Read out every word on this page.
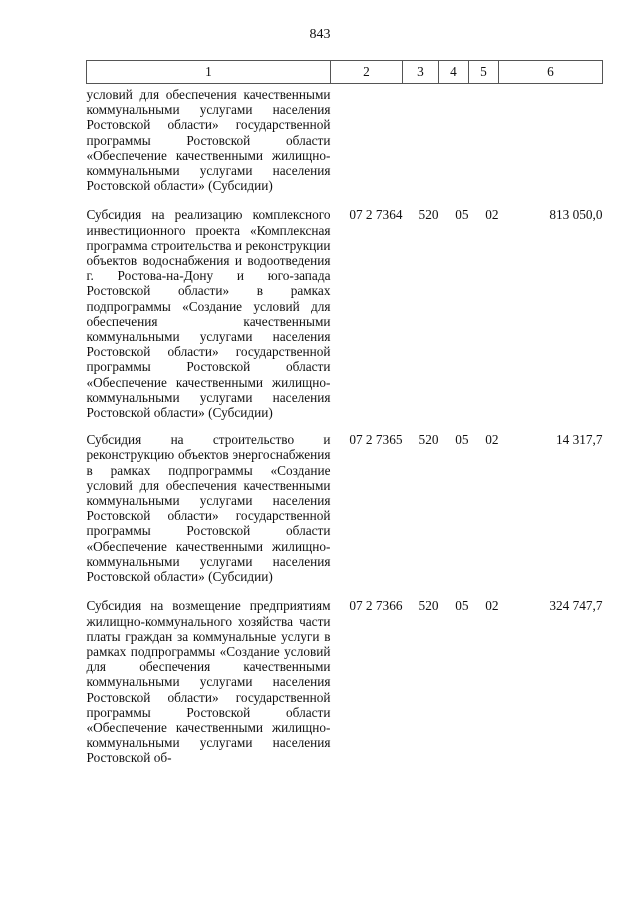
843
1	2	3	4	5	6
условий для обеспечения качественными коммунальными услугами населения Ростовской области» государственной программы Ростовской области «Обеспечение качественными жилищно-коммунальными услугами населения Ростовской области» (Субсидии)					

Субсидия на реализацию комплексного инвестиционного проекта «Комплексная программа строительства и реконструкции объектов водоснабжения и водоотведения г. Ростова-на-Дону и юго-запада Ростовской области» в рамках подпрограммы «Создание условий для обеспечения качественными коммунальными услугами населения Ростовской области» государственной программы Ростовской области «Обеспечение качественными жилищно-коммунальными услугами населения Ростовской области» (Субсидии)	07 2 7364	520	05	02	813 050,0

Субсидия на строительство и реконструкцию объектов энергоснабжения в рамках подпрограммы «Создание условий для обеспечения качественными коммунальными услугами населения Ростовской области» государственной программы Ростовской области «Обеспечение качественными жилищно-коммунальными услугами населения Ростовской области» (Субсидии)	07 2 7365	520	05	02	14 317,7

Субсидия на возмещение предприятиям жилищно-коммунального хозяйства части платы граждан за коммунальные услуги в рамках подпрограммы «Создание условий для обеспечения качественными коммунальными услугами населения Ростовской области» государственной программы Ростовской области «Обеспечение качественными жилищно-коммунальными услугами населения Ростовской об-	07 2 7366	520	05	02	324 747,7
